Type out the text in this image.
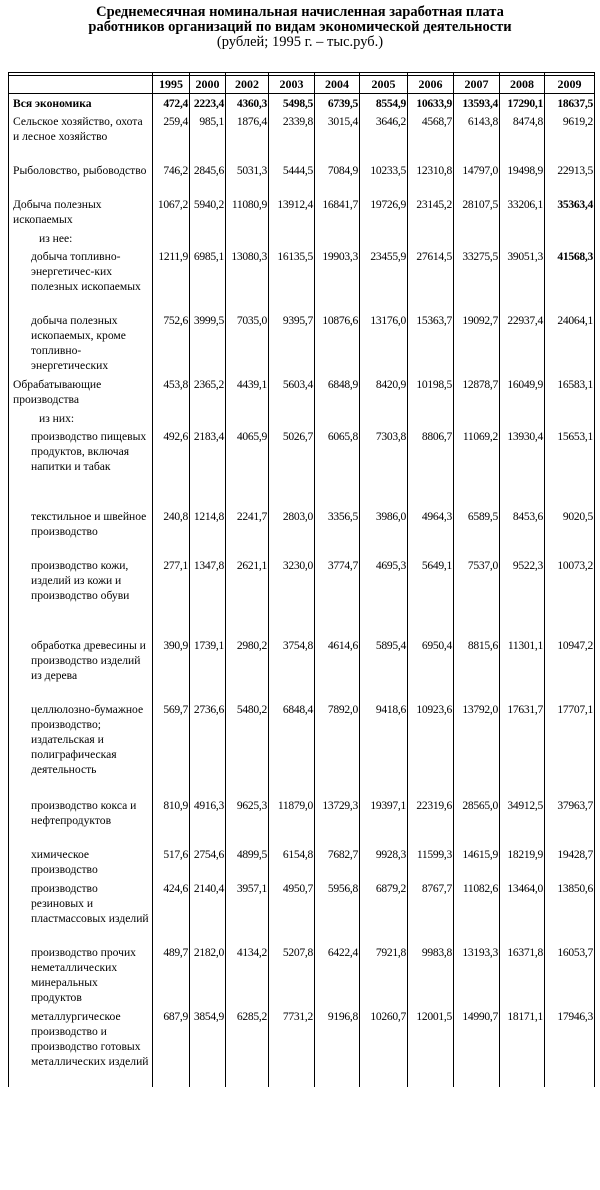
Среднемесячная номинальная начисленная заработная плата
работников организаций по видам экономической деятельности
(рублей; 1995 г. – тыс.руб.)

	1995	2000	2002	2003	2004	2005	2006	2007	2008	2009
Вся экономика	472,4	2223,4	4360,3	5498,5	6739,5	8554,9	10633,9	13593,4	17290,1	18637,5
Сельское хозяйство, охота и лесное хозяйство	259,4	985,1	1876,4	2339,8	3015,4	3646,2	4568,7	6143,8	8474,8	9619,2
Рыболовство, рыбоводство	746,2	2845,6	5031,3	5444,5	7084,9	10233,5	12310,8	14797,0	19498,9	22913,5
Добыча полезных ископаемых	1067,2	5940,2	11080,9	13912,4	16841,7	19726,9	23145,2	28107,5	33206,1	35363,4
из нее:										
добыча топливно-энергетичес-ких полезных ископаемых	1211,9	6985,1	13080,3	16135,5	19903,3	23455,9	27614,5	33275,5	39051,3	41568,3
добыча полезных ископаемых, кроме топливно-энергетических	752,6	3999,5	7035,0	9395,7	10876,6	13176,0	15363,7	19092,7	22937,4	24064,1
Обрабатывающие производства	453,8	2365,2	4439,1	5603,4	6848,9	8420,9	10198,5	12878,7	16049,9	16583,1
из них:										
производство пищевых продуктов, включая напитки и табак	492,6	2183,4	4065,9	5026,7	6065,8	7303,8	8806,7	11069,2	13930,4	15653,1
текстильное и швейное производство	240,8	1214,8	2241,7	2803,0	3356,5	3986,0	4964,3	6589,5	8453,6	9020,5
производство кожи, изделий из кожи и производство обуви	277,1	1347,8	2621,1	3230,0	3774,7	4695,3	5649,1	7537,0	9522,3	10073,2
обработка древесины и производство изделий из дерева	390,9	1739,1	2980,2	3754,8	4614,6	5895,4	6950,4	8815,6	11301,1	10947,2
целлюлозно-бумажное производство; издательская и полиграфическая деятельность	569,7	2736,6	5480,2	6848,4	7892,0	9418,6	10923,6	13792,0	17631,7	17707,1
производство кокса и нефтепродуктов	810,9	4916,3	9625,3	11879,0	13729,3	19397,1	22319,6	28565,0	34912,5	37963,7
химическое производство	517,6	2754,6	4899,5	6154,8	7682,7	9928,3	11599,3	14615,9	18219,9	19428,7
производство резиновых и пластмассовых изделий	424,6	2140,4	3957,1	4950,7	5956,8	6879,2	8767,7	11082,6	13464,0	13850,6
производство прочих неметаллических минеральных продуктов	489,7	2182,0	4134,2	5207,8	6422,4	7921,8	9983,8	13193,3	16371,8	16053,7
металлургическое производство и производство готовых металлических изделий	687,9	3854,9	6285,2	7731,2	9196,8	10260,7	12001,5	14990,7	18171,1	17946,3
